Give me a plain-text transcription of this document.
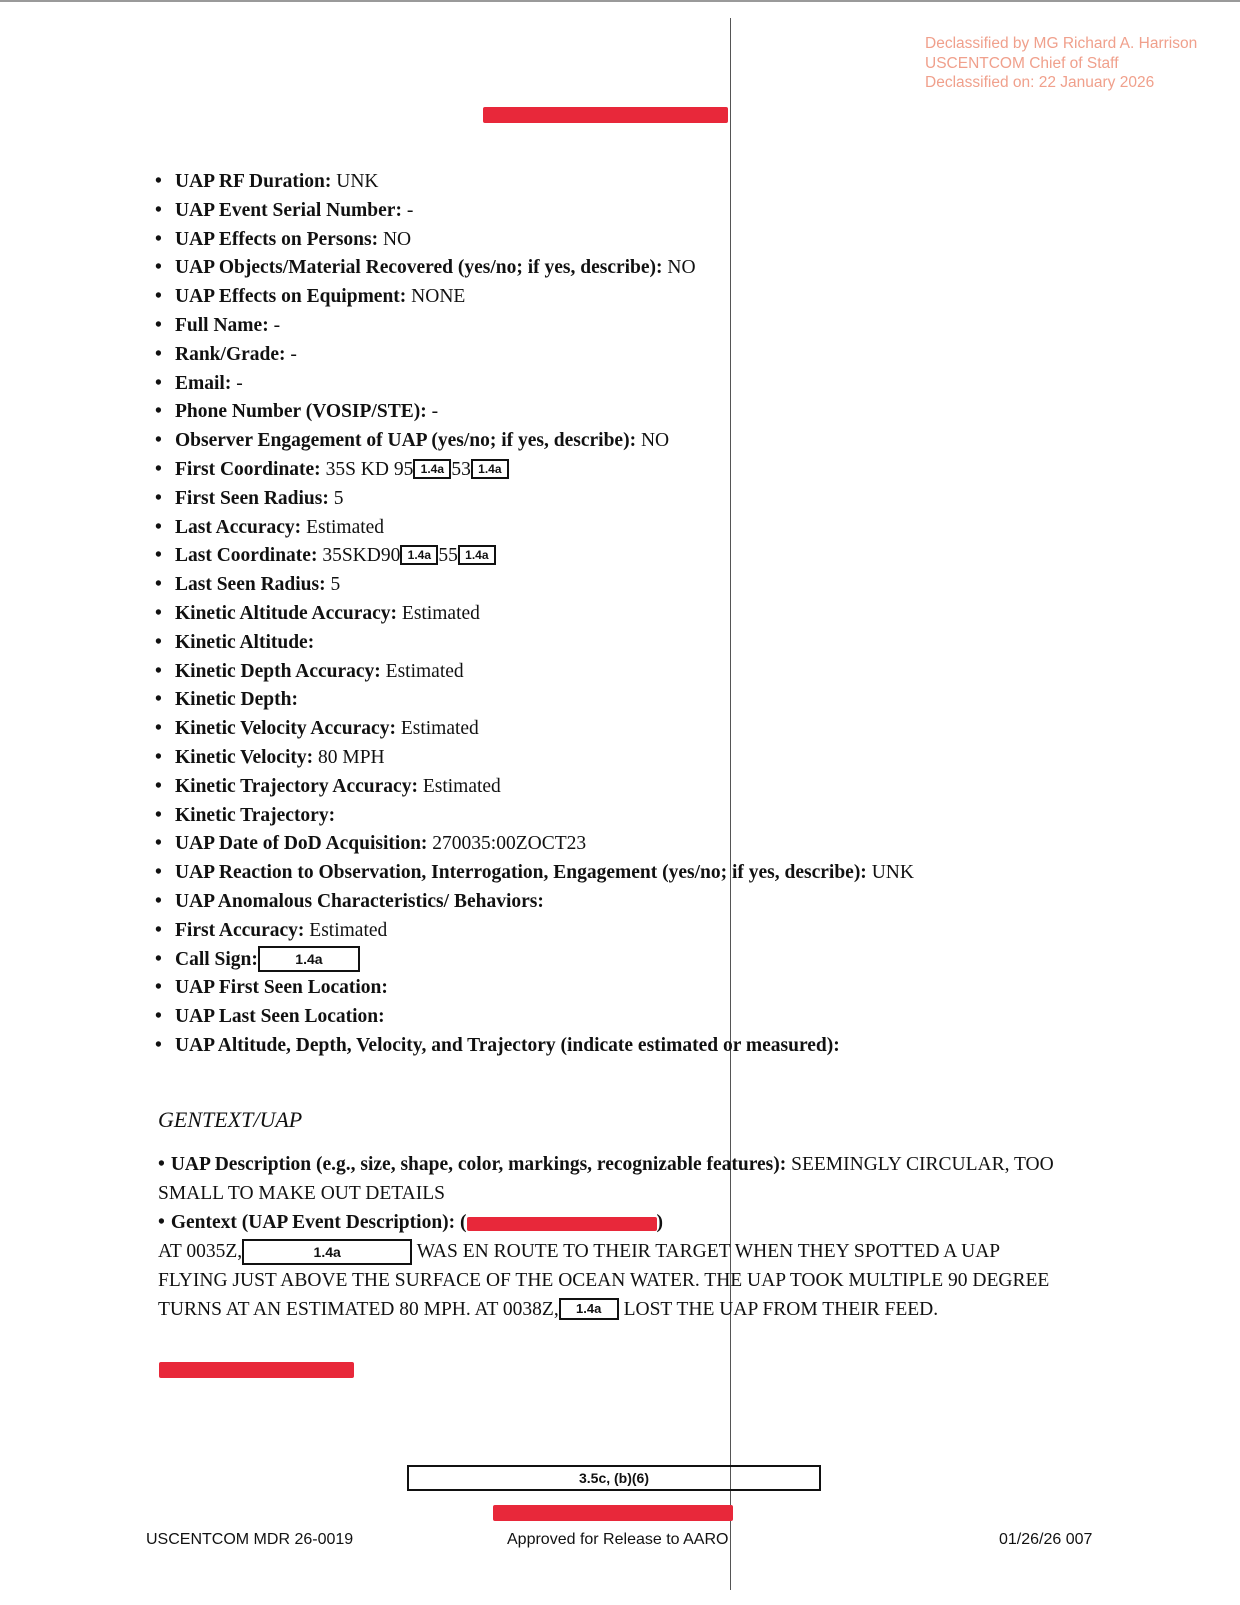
Declassified by MG Richard A. Harrison
USCENTCOM Chief of Staff
Declassified on: 22 January 2026
• UAP RF Duration: UNK
• UAP Event Serial Number: -
• UAP Effects on Persons: NO
• UAP Objects/Material Recovered (yes/no; if yes, describe): NO
• UAP Effects on Equipment: NONE
• Full Name: -
• Rank/Grade: -
• Email: -
• Phone Number (VOSIP/STE): -
• Observer Engagement of UAP (yes/no; if yes, describe): NO
• First Coordinate: 35S KD 95 1.4a 53 1.4a
• First Seen Radius: 5
• Last Accuracy: Estimated
• Last Coordinate: 35SKD90 1.4a 55 1.4a
• Last Seen Radius: 5
• Kinetic Altitude Accuracy: Estimated
• Kinetic Altitude:
• Kinetic Depth Accuracy: Estimated
• Kinetic Depth:
• Kinetic Velocity Accuracy: Estimated
• Kinetic Velocity: 80 MPH
• Kinetic Trajectory Accuracy: Estimated
• Kinetic Trajectory:
• UAP Date of DoD Acquisition: 270035:00ZOCT23
• UAP Reaction to Observation, Interrogation, Engagement (yes/no; if yes, describe): UNK
• UAP Anomalous Characteristics/ Behaviors:
• First Accuracy: Estimated
• Call Sign:	1.4a
• UAP First Seen Location:
• UAP Last Seen Location:
• UAP Altitude, Depth, Velocity, and Trajectory (indicate estimated or measured):
GENTEXT/UAP
• UAP Description (e.g., size, shape, color, markings, recognizable features): SEEMINGLY CIRCULAR, TOO SMALL TO MAKE OUT DETAILS
• Gentext (UAP Event Description): (	)
AT 0035Z,	1.4a	WAS EN ROUTE TO THEIR TARGET WHEN THEY SPOTTED A UAP FLYING JUST ABOVE THE SURFACE OF THE OCEAN WATER. THE UAP TOOK MULTIPLE 90 DEGREE TURNS AT AN ESTIMATED 80 MPH. AT 0038Z, 1.4a LOST THE UAP FROM THEIR FEED.
3.5c, (b)(6)
USCENTCOM MDR 26-0019	Approved for Release to AARO	01/26/26 007
